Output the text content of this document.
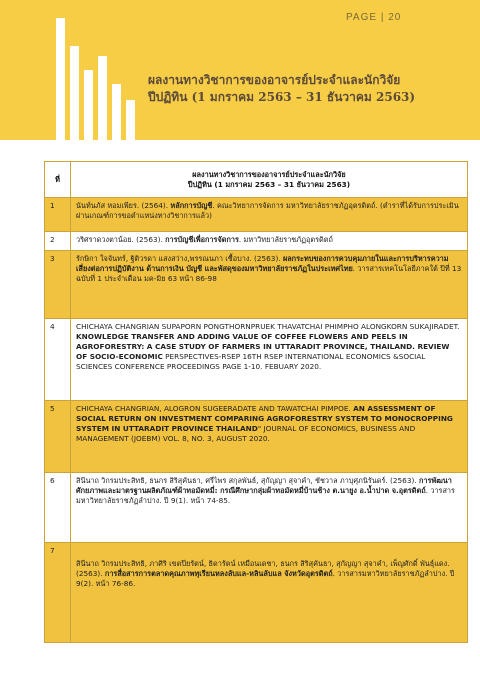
PAGE | 20
ผลงานทางวิชาการของอาจารย์ประจำและนักวิจัย
ปีปฏิทิน (1 มกราคม 2563 – 31 ธันวาคม 2563)
ที่	ผลงานทางวิชาการของอาจารย์ประจำและนักวิจัย
ปีปฏิทิน (1 มกราคม 2563 – 31 ธันวาคม 2563)

1	นันท์นภัส หอมเพียร. (2564). หลักการบัญชี. คณะวิทยาการจัดการ มหาวิทยาลัยราชภัฏอุตรดิตถ์. (ตำราที่ได้รับการประเมินผ่านเกณฑ์การขอตำแหน่งทางวิชาการแล้ว)
2	วริศราดวงตาน้อย. (2563). การบัญชีเพื่อการจัดการ. มหาวิทยาลัยราชภัฏอุตรดิตถ์
3	รักษิกา ใจจันทร์, ฐิติวรดา แสงสว่าง,พรรณนภา เชื้อบาง. (2563). ผลกระทบของการควบคุมภายในและการบริหารความเสี่ยงต่อการปฏิบัติงาน ด้านการเงิน บัญชี และพัสดุของมหาวิทยาลัยราชภัฏในประเทศไทย. วารสารเทคโนโลยีภาคใต้ ปีที่ 13 ฉบับที่ 1 ประจำเดือน มค-มิย 63 หน้า 86-98
4	CHICHAYA CHANGRIAN SUPAPORN PONGTHORNPRUEK THAVATCHAI PHIMPHO ALONGKORN SUKAJIRADET. KNOWLEDGE TRANSFER AND ADDING VALUE OF COFFEE FLOWERS AND PEELS IN AGROFORESTRY: A CASE STUDY OF FARMERS IN UTTARADIT PROVINCE, THAILAND. REVIEW OF SOCIO-ECONOMIC PERSPECTIVES-RSEP 16TH RSEP INTERNATIONAL ECONOMICS &SOCIAL SCIENCES CONFERENCE PROCEEDINGS PAGE 1-10. FEBUARY 2020.
5	CHICHAYA CHANGRIAN, ALOGRON SUGEERADATE AND TAWATCHAI PIMPOE. AN ASSESSMENT OF SOCIAL RETURN ON INVESTMENT COMPARING AGROFORESTRY SYSTEM TO MONOCROPPING SYSTEM IN UTTARADIT PROVINCE THAILAND" JOURNAL OF ECONOMICS, BUSINESS AND MANAGEMENT (JOEBM) VOL. 8, NO. 3, AUGUST 2020.
6	สินีนาถ วิกรมประสิทธิ, ธนกร สิริสุคันธา, ศรีไพร สกุลพันธ์, สุกัญญา สุจาคำ, ชัชวาล ภาบุศุภนิรันดร์. (2563). การพัฒนาศักยภาพและมาตรฐานผลิตภัณฑ์ผ้าทอมัดหมี่: กรณีศึกษากลุ่มผ้าทอมัดหมี่บ้านช้าง ต.นายูง อ.น้ำปาด จ.อุตรดิตถ์. วารสารมหาวิทยาลัยราชภัฏลำปาง. ปี 9(1). หน้า 74-85.
7	สินีนาถ วิกรมประสิทธิ, ภาศิริ เขตปียรัตน์, ธิดารัตน์ เหมือนเดชา, ธนกร สิริสุคันธา, สุกัญญา สุจาคำ, เพ็ญศักดิ์ พันธุ์แดง. (2563). การสื่อสารการตลาดคุณภาพทุเรียนหลงลับแล-หลินลับแล จังหวัดอุตรดิตถ์. วารสารมหาวิทยาลัยราชภัฏลำปาง. ปี 9(2). หน้า 76-86.
